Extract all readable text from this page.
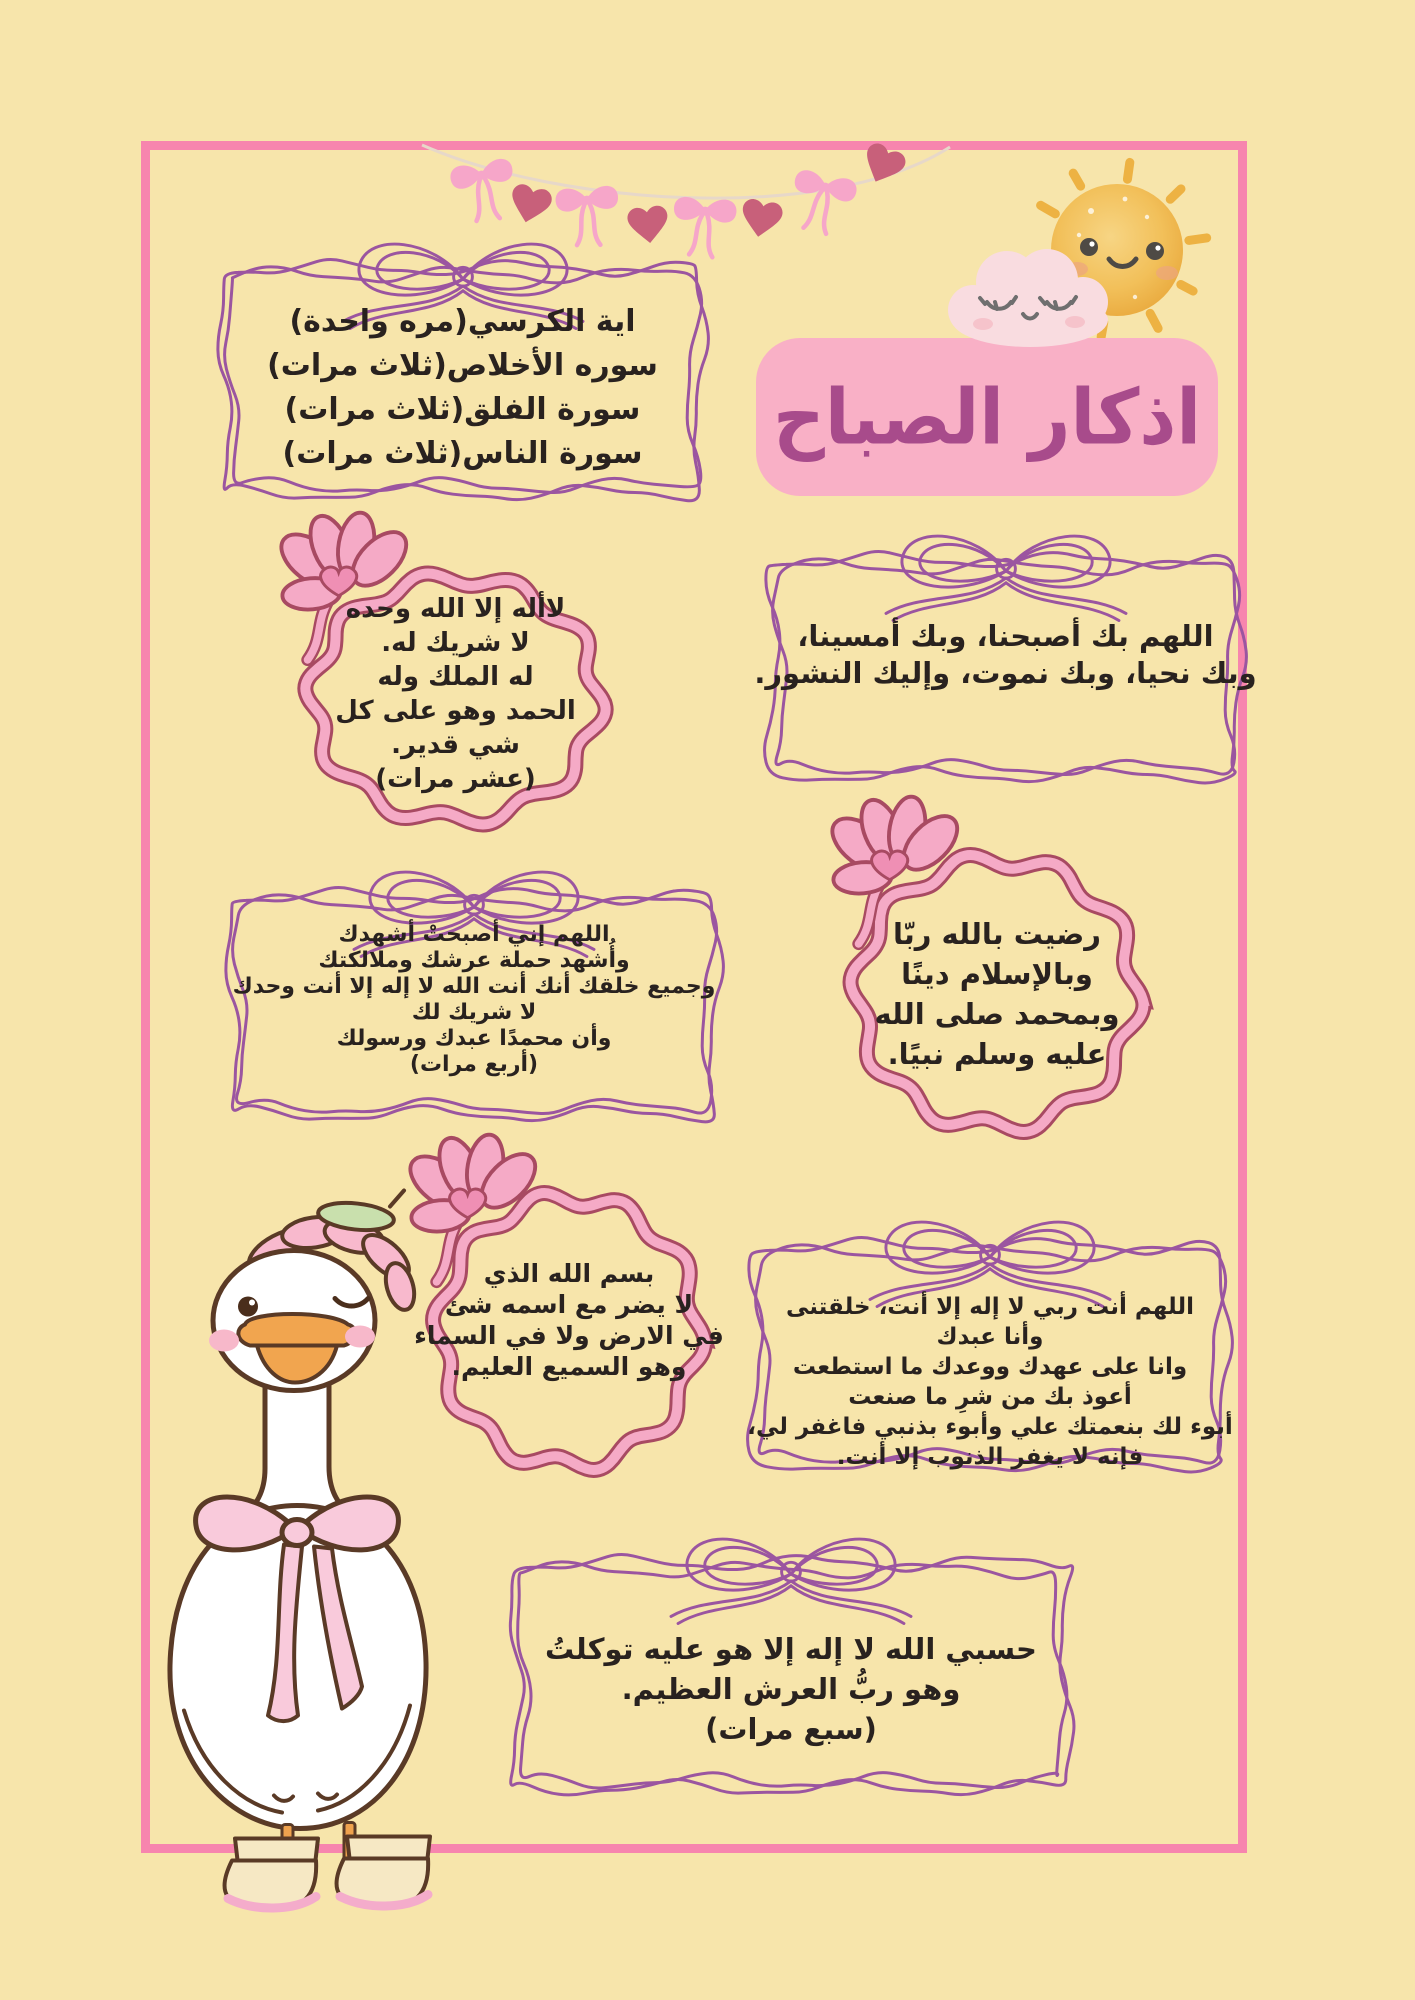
اذكار الصباح
اية الكرسي(مره واحدة)
سوره الأخلاص(ثلاث مرات)
سورة الفلق(ثلاث مرات)
سورة الناس(ثلاث مرات)
لاأله إلا الله وحده
لا شريك له.
له الملك وله
الحمد وهو على كل
شي قدير.
(عشر مرات)
اللهم بك أصبحنا، وبك أمسينا،
وبك نحيا، وبك نموت، وإليك النشور.
اللهم إني أصبحتْ أشهدك
وأُشهد حملة عرشك وملالكتك
وجميع خلقك أنك أنت الله لا إله إلا أنت وحدك
لا شريك لك
وأن محمدًا عبدك ورسولك
(أربع مرات)
رضيت بالله ربّا
وبالإسلام دينًا
وبمحمد صلى الله
عليه وسلم نبيًا.
بسم الله الذي
لا يضر مع اسمه شئ
في الارض ولا في السماء
وهو السميع العليم.
اللهم أنت ربي لا إله إلا أنت، خلقتنى
وأنا عبدك
وانا على عهدك ووعدك ما استطعت
أعوذ بك من شرِ ما صنعت
أبوء لك بنعمتك علي وأبوء بذنبي فاغفر لي،
فإنه لا يغفر الذنوب إلا أنت.
حسبي الله لا إله إلا هو عليه توكلتُ
وهو ربُّ العرش العظيم.
(سبع مرات)
